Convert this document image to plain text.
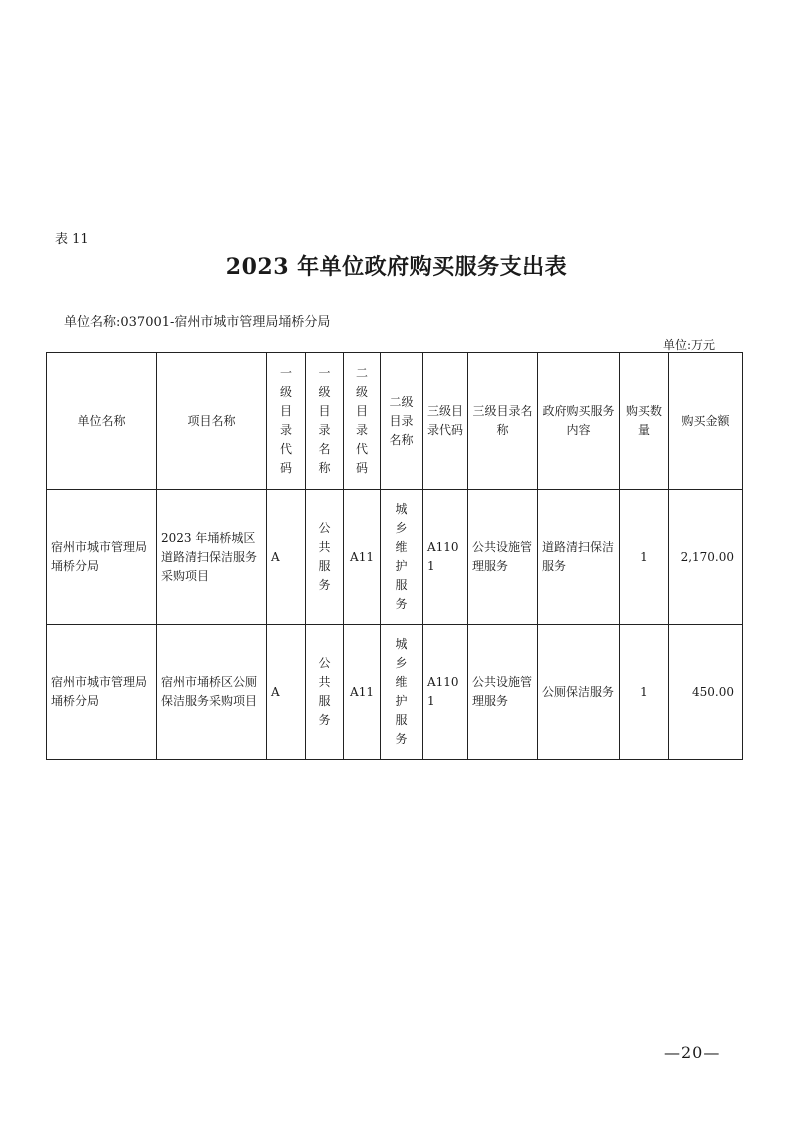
表 11
2023 年单位政府购买服务支出表
单位名称:037001-宿州市城市管理局埇桥分局
单位:万元
单位名称	项目名称	一级目录代码	一级目录名称	二级目录代码	二级目录名称	三级目录代码	三级目录名称	政府购买服务内容	购买数量	购买金额
宿州市城市管理局埇桥分局	2023 年埇桥城区道路清扫保洁服务采购项目	A	公共服务	A11	城乡维护服务	A1101	公共设施管理服务	道路清扫保洁服务	1	2,170.00
宿州市城市管理局埇桥分局	宿州市埇桥区公厕保洁服务采购项目	A	公共服务	A11	城乡维护服务	A1101	公共设施管理服务	公厕保洁服务	1	450.00
—20—
